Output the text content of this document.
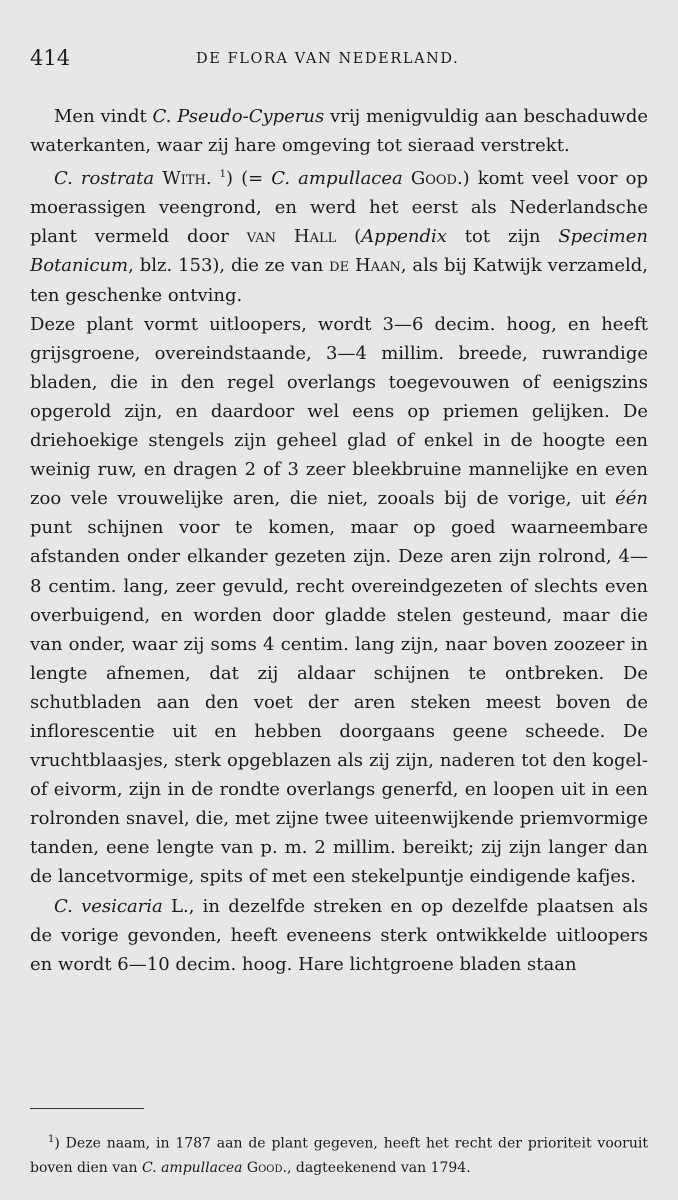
414	DE FLORA VAN NEDERLAND.

Men vindt C. Pseudo-Cyperus vrij menigvuldig aan beschaduwde waterkanten, waar zij hare omgeving tot sieraad verstrekt.

C. rostrata With. $^1$) (= C. ampullacea Good.) komt veel voor op moerassigen veengrond, en werd het eerst als Nederlandsche plant vermeld door van Hall (Appendix tot zijn Specimen Botanicum, blz. 153), die ze van de Haan, als bij Katwijk verzameld, ten geschenke ontving.

Deze plant vormt uitloopers, wordt 3—6 decim. hoog, en heeft grijsgroene, overeindstaande, 3—4 millim. breede, ruwrandige bladen, die in den regel overlangs toegevouwen of eenigszins opgerold zijn, en daardoor wel eens op priemen gelijken. De driehoekige stengels zijn geheel glad of enkel in de hoogte een weinig ruw, en dragen 2 of 3 zeer bleekbruine mannelijke en even zoo vele vrouwelijke aren, die niet, zooals bij de vorige, uit één punt schijnen voor te komen, maar op goed waarneembare afstanden onder elkander gezeten zijn. Deze aren zijn rolrond, 4—8 centim. lang, zeer gevuld, recht overeindgezeten of slechts even overbuigend, en worden door gladde stelen gesteund, maar die van onder, waar zij soms 4 centim. lang zijn, naar boven zoozeer in lengte afnemen, dat zij aldaar schijnen te ontbreken. De schutbladen aan den voet der aren steken meest boven de inflorescentie uit en hebben doorgaans geene scheede. De vruchtblaasjes, sterk opgeblazen als zij zijn, naderen tot den kogel- of eivorm, zijn in de rondte overlangs generfd, en loopen uit in een rolronden snavel, die, met zijne twee uiteenwijkende priemvormige tanden, eene lengte van p. m. 2 millim. bereikt; zij zijn langer dan de lancetvormige, spits of met een stekelpuntje eindigende kafjes.

C. vesicaria L., in dezelfde streken en op dezelfde plaatsen als de vorige gevonden, heeft eveneens sterk ontwikkelde uitloopers en wordt 6—10 decim. hoog. Hare lichtgroene bladen staan

$^1$) Deze naam, in 1787 aan de plant gegeven, heeft het recht der prioriteit vooruit boven dien van C. ampullacea Good., dagteekenend van 1794.
